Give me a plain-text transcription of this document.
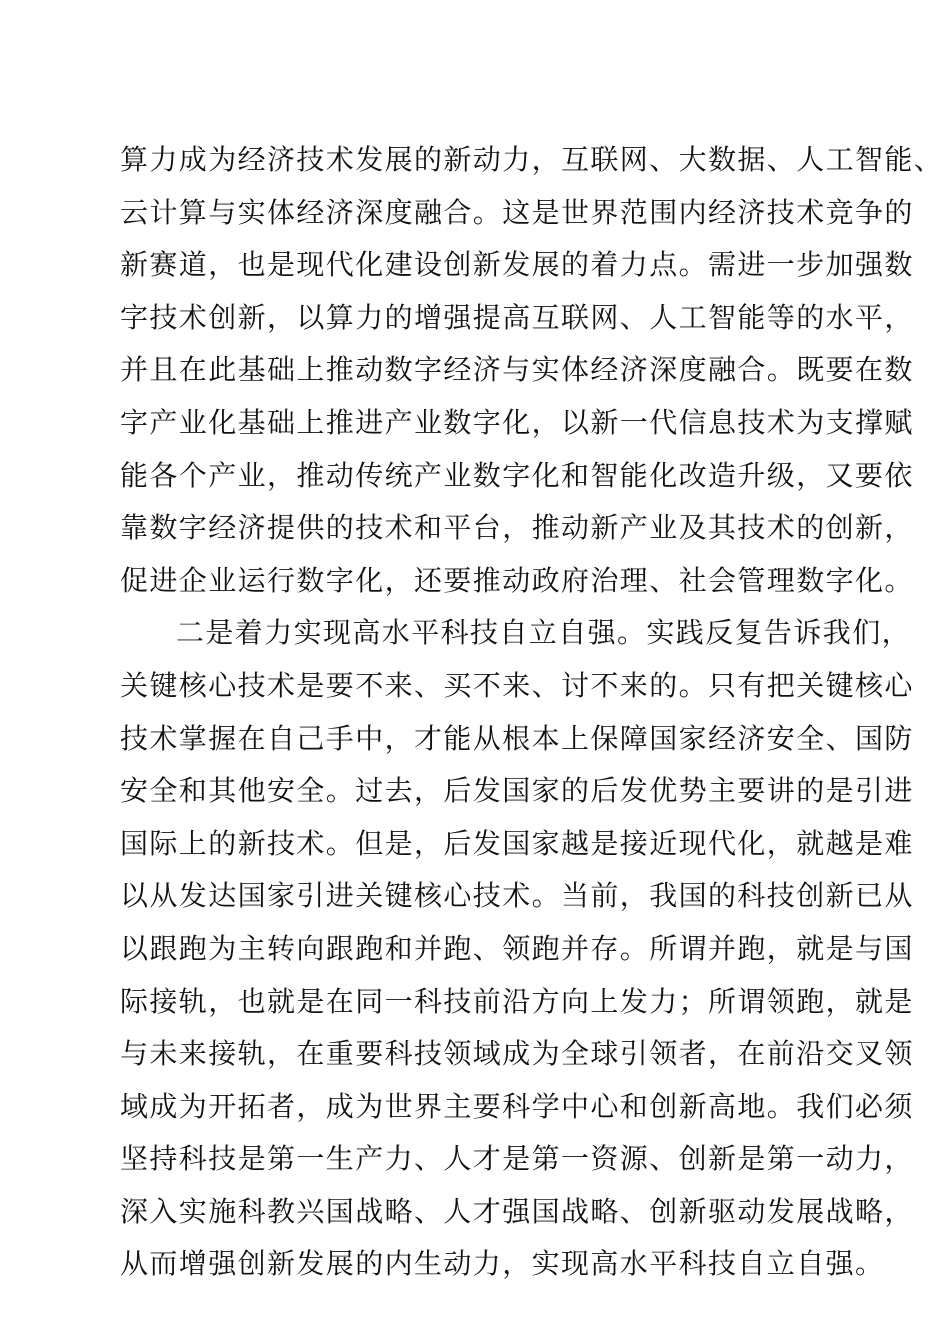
算力成为经济技术发展的新动力，互联网、大数据、人工智能、
云计算与实体经济深度融合。这是世界范围内经济技术竞争的
新赛道，也是现代化建设创新发展的着力点。需进一步加强数
字技术创新，以算力的增强提高互联网、人工智能等的水平，
并且在此基础上推动数字经济与实体经济深度融合。既要在数
字产业化基础上推进产业数字化，以新一代信息技术为支撑赋
能各个产业，推动传统产业数字化和智能化改造升级，又要依
靠数字经济提供的技术和平台，推动新产业及其技术的创新，
促进企业运行数字化，还要推动政府治理、社会管理数字化。
二是着力实现高水平科技自立自强。实践反复告诉我们，
关键核心技术是要不来、买不来、讨不来的。只有把关键核心
技术掌握在自己手中，才能从根本上保障国家经济安全、国防
安全和其他安全。过去，后发国家的后发优势主要讲的是引进
国际上的新技术。但是，后发国家越是接近现代化，就越是难
以从发达国家引进关键核心技术。当前，我国的科技创新已从
以跟跑为主转向跟跑和并跑、领跑并存。所谓并跑，就是与国
际接轨，也就是在同一科技前沿方向上发力；所谓领跑，就是
与未来接轨，在重要科技领域成为全球引领者，在前沿交叉领
域成为开拓者，成为世界主要科学中心和创新高地。我们必须
坚持科技是第一生产力、人才是第一资源、创新是第一动力，
深入实施科教兴国战略、人才强国战略、创新驱动发展战略，
从而增强创新发展的内生动力，实现高水平科技自立自强。
